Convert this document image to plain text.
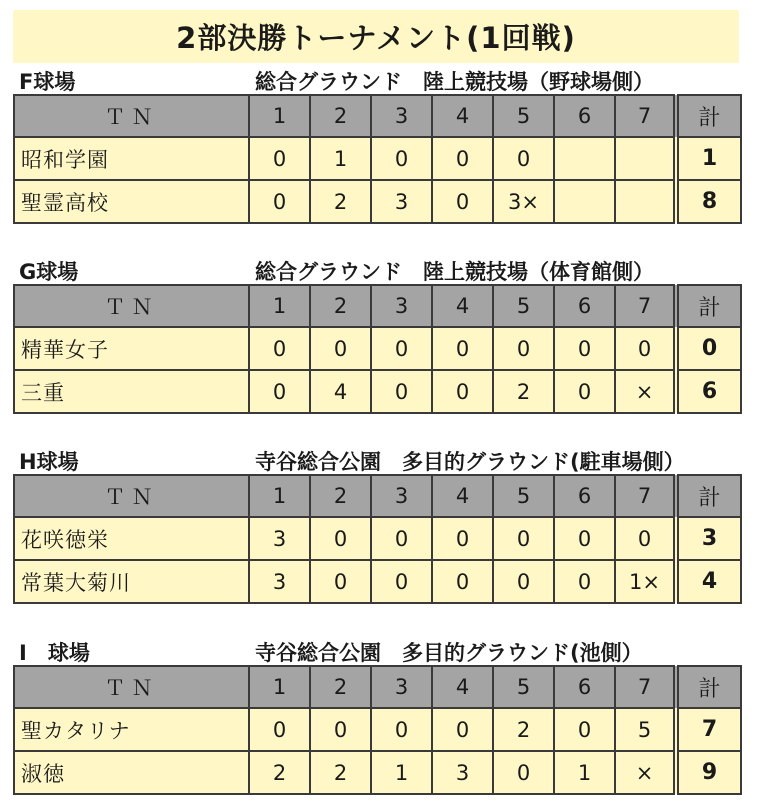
2部決勝トーナメント(1回戦)
F球場	総合グラウンド　陸上競技場（野球場側）
ＴＮ	1	2	3	4	5	6	7	計
昭和学園	0	1	0	0	0			1
聖霊高校	0	2	3	0	3×			8
G球場	総合グラウンド　陸上競技場（体育館側）
ＴＮ	1	2	3	4	5	6	7	計
精華女子	0	0	0	0	0	0	0	0
三重	0	4	0	0	2	0	×	6
H球場	寺谷総合公園　多目的グラウンド(駐車場側）
ＴＮ	1	2	3	4	5	6	7	計
花咲徳栄	3	0	0	0	0	0	0	3
常葉大菊川	3	0	0	0	0	0	1×	4
I　球場	寺谷総合公園　多目的グラウンド(池側）
ＴＮ	1	2	3	4	5	6	7	計
聖カタリナ	0	0	0	0	2	0	5	7
淑徳	2	2	1	3	0	1	×	9
